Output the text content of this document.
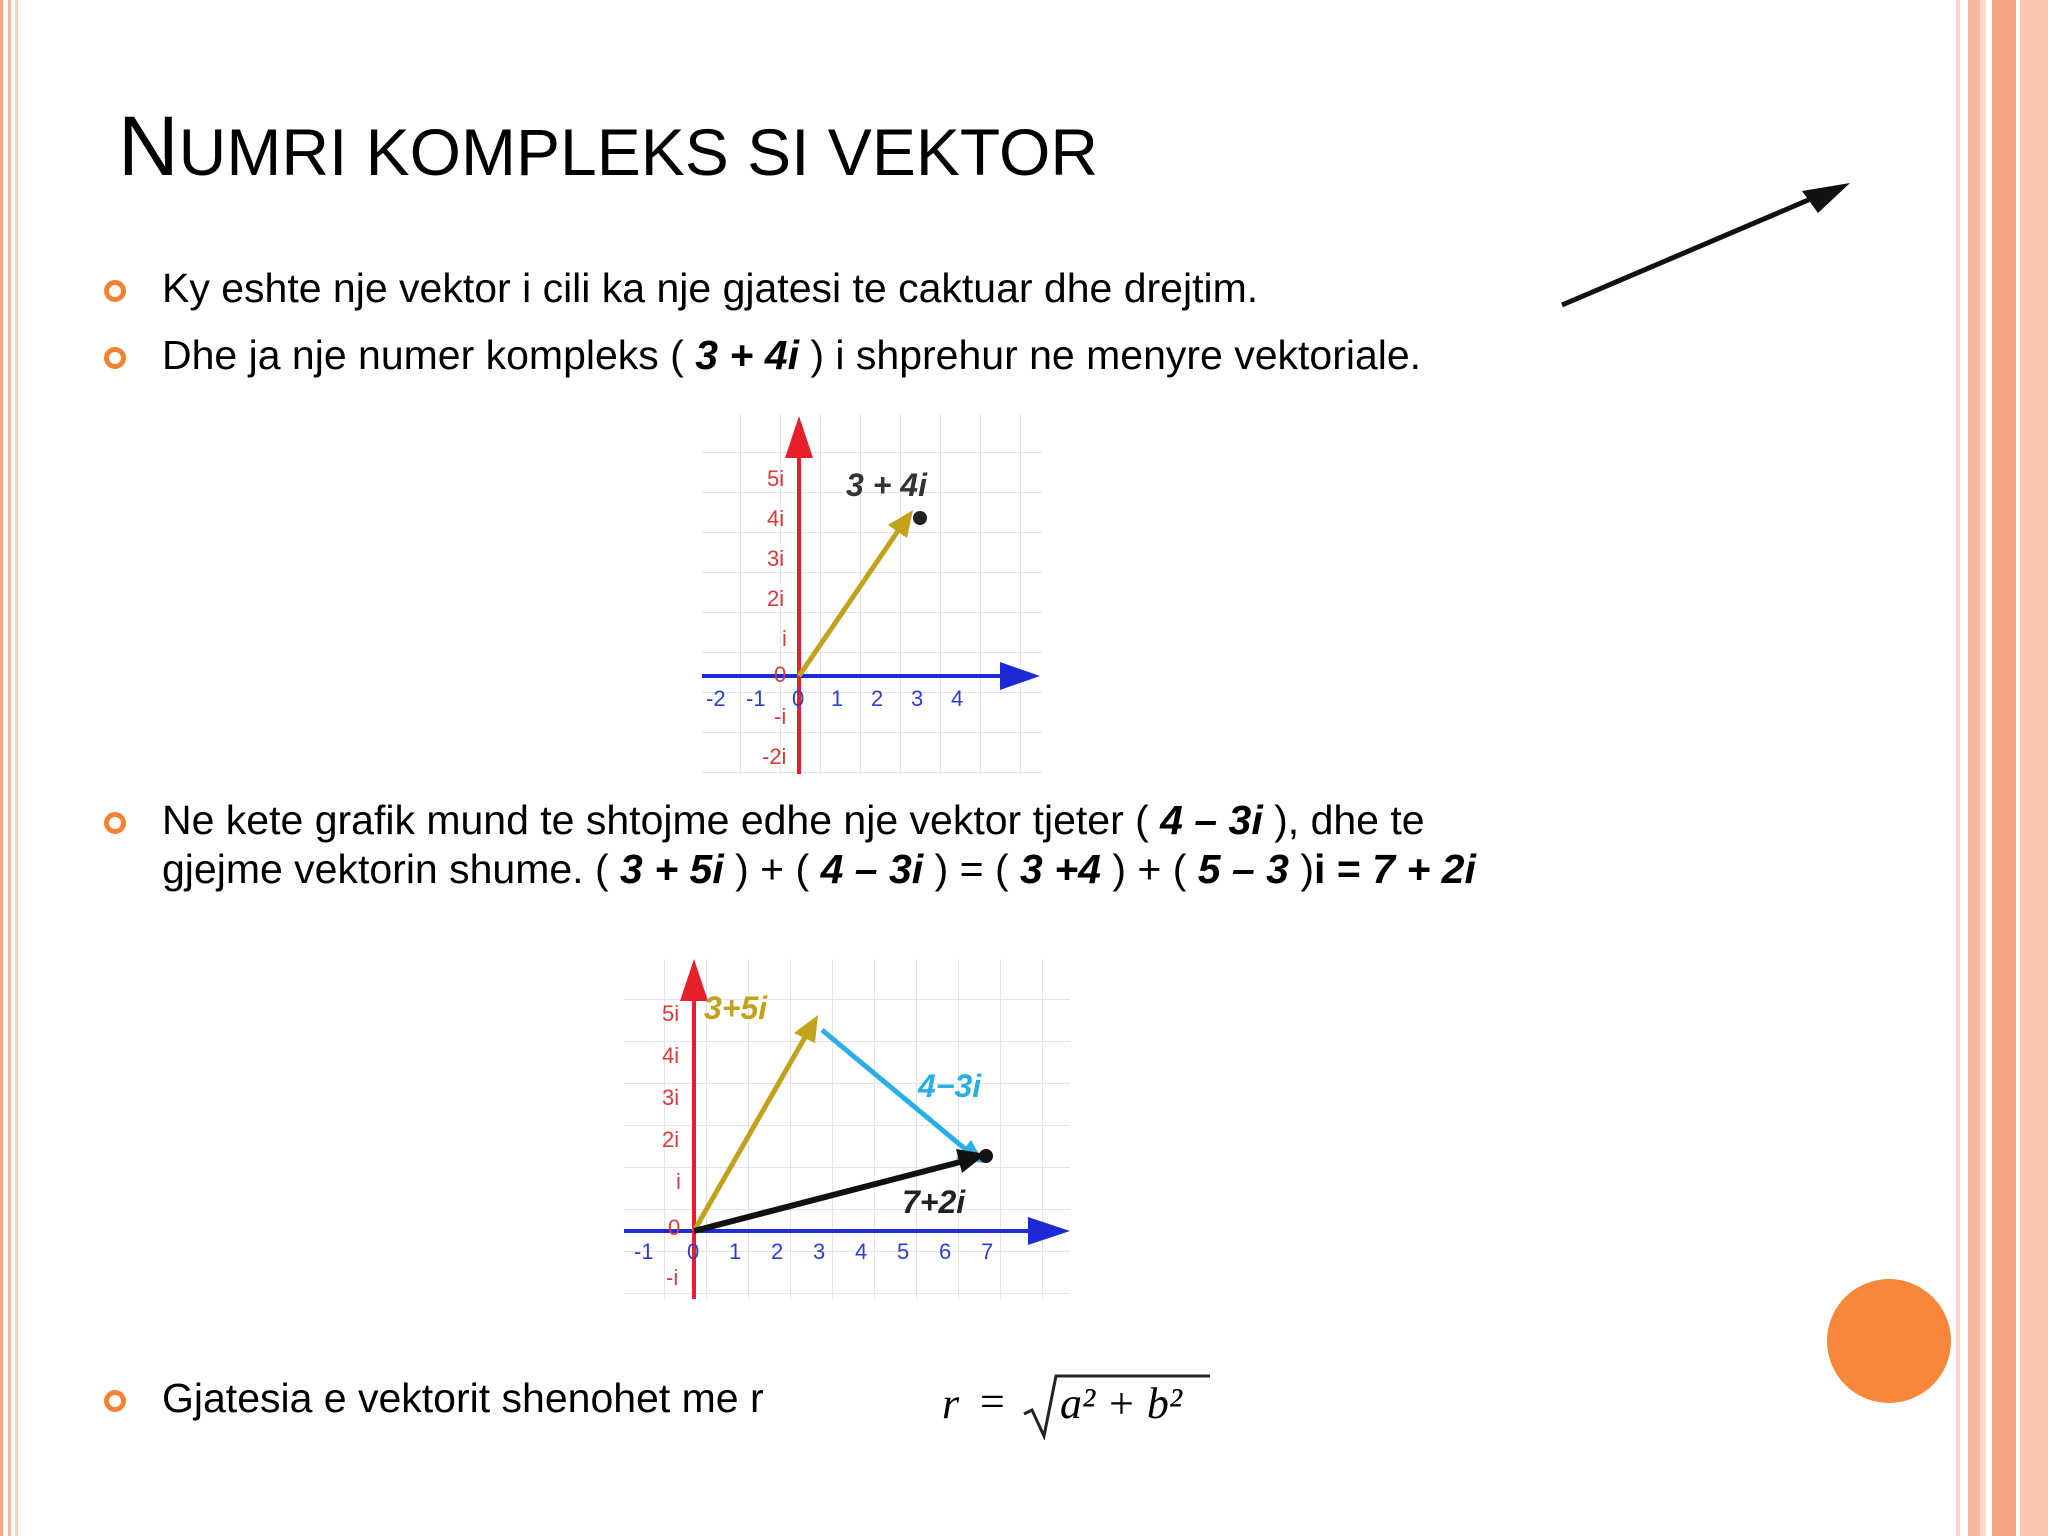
NUMRI KOMPLEKS SI VEKTOR
Ky eshte nje vektor i cili ka nje gjatesi te caktuar dhe drejtim.
Dhe ja nje numer kompleks ( 3 + 4i ) i shprehur ne menyre vektoriale.
3 + 4i
5i
4i
3i
2i
i
0
-i
-2i
-2 -1 0 1 2 3 4
Ne kete grafik mund te shtojme edhe nje vektor tjeter ( 4 – 3i ), dhe te
gjejme vektorin shume. ( 3 + 5i ) + ( 4 – 3i ) = ( 3 +4 ) + ( 5 – 3 )i = 7 + 2i
3+5i
4−3i
7+2i
5i
4i
3i
2i
i
0
-i
-1 0 1 2 3 4 5 6 7
Gjatesia e vektorit shenohet me r	r = a² + b²
